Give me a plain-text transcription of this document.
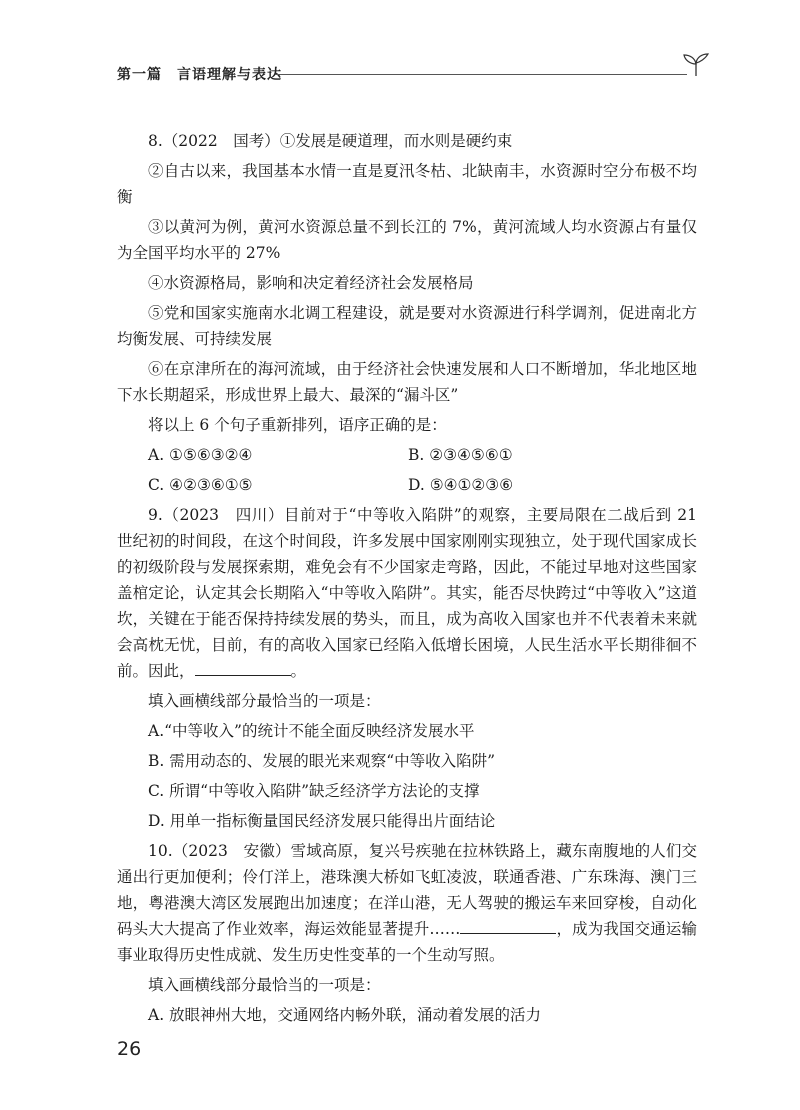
第一篇　言语理解与表达

8.（2022　国考）①发展是硬道理，而水则是硬约束

②自古以来，我国基本水情一直是夏汛冬枯、北缺南丰，水资源时空分布极不均衡

③以黄河为例，黄河水资源总量不到长江的 7%，黄河流域人均水资源占有量仅为全国平均水平的 27%

④水资源格局，影响和决定着经济社会发展格局

⑤党和国家实施南水北调工程建设，就是要对水资源进行科学调剂，促进南北方均衡发展、可持续发展

⑥在京津所在的海河流域，由于经济社会快速发展和人口不断增加，华北地区地下水长期超采，形成世界上最大、最深的“漏斗区”

将以上 6 个句子重新排列，语序正确的是：

A. ①⑤⑥③②④	B. ②③④⑤⑥①
C. ④②③⑥①⑤	D. ⑤④①②③⑥

9.（2023　四川）目前对于“中等收入陷阱”的观察，主要局限在二战后到 21 世纪初的时间段，在这个时间段，许多发展中国家刚刚实现独立，处于现代国家成长的初级阶段与发展探索期，难免会有不少国家走弯路，因此，不能过早地对这些国家盖棺定论，认定其会长期陷入“中等收入陷阱”。其实，能否尽快跨过“中等收入”这道坎，关键在于能否保持持续发展的势头，而且，成为高收入国家也并不代表着未来就会高枕无忧，目前，有的高收入国家已经陷入低增长困境，人民生活水平长期徘徊不前。因此，	。

填入画横线部分最恰当的一项是：

A.“中等收入”的统计不能全面反映经济发展水平

B. 需用动态的、发展的眼光来观察“中等收入陷阱”

C. 所谓“中等收入陷阱”缺乏经济学方法论的支撑

D. 用单一指标衡量国民经济发展只能得出片面结论

10.（2023　安徽）雪域高原，复兴号疾驰在拉林铁路上，藏东南腹地的人们交通出行更加便利；伶仃洋上，港珠澳大桥如飞虹凌波，联通香港、广东珠海、澳门三地，粤港澳大湾区发展跑出加速度；在洋山港，无人驾驶的搬运车来回穿梭，自动化码头大大提高了作业效率，海运效能显著提升……	，成为我国交通运输事业取得历史性成就、发生历史性变革的一个生动写照。

填入画横线部分最恰当的一项是：

A. 放眼神州大地，交通网络内畅外联，涌动着发展的活力

26
